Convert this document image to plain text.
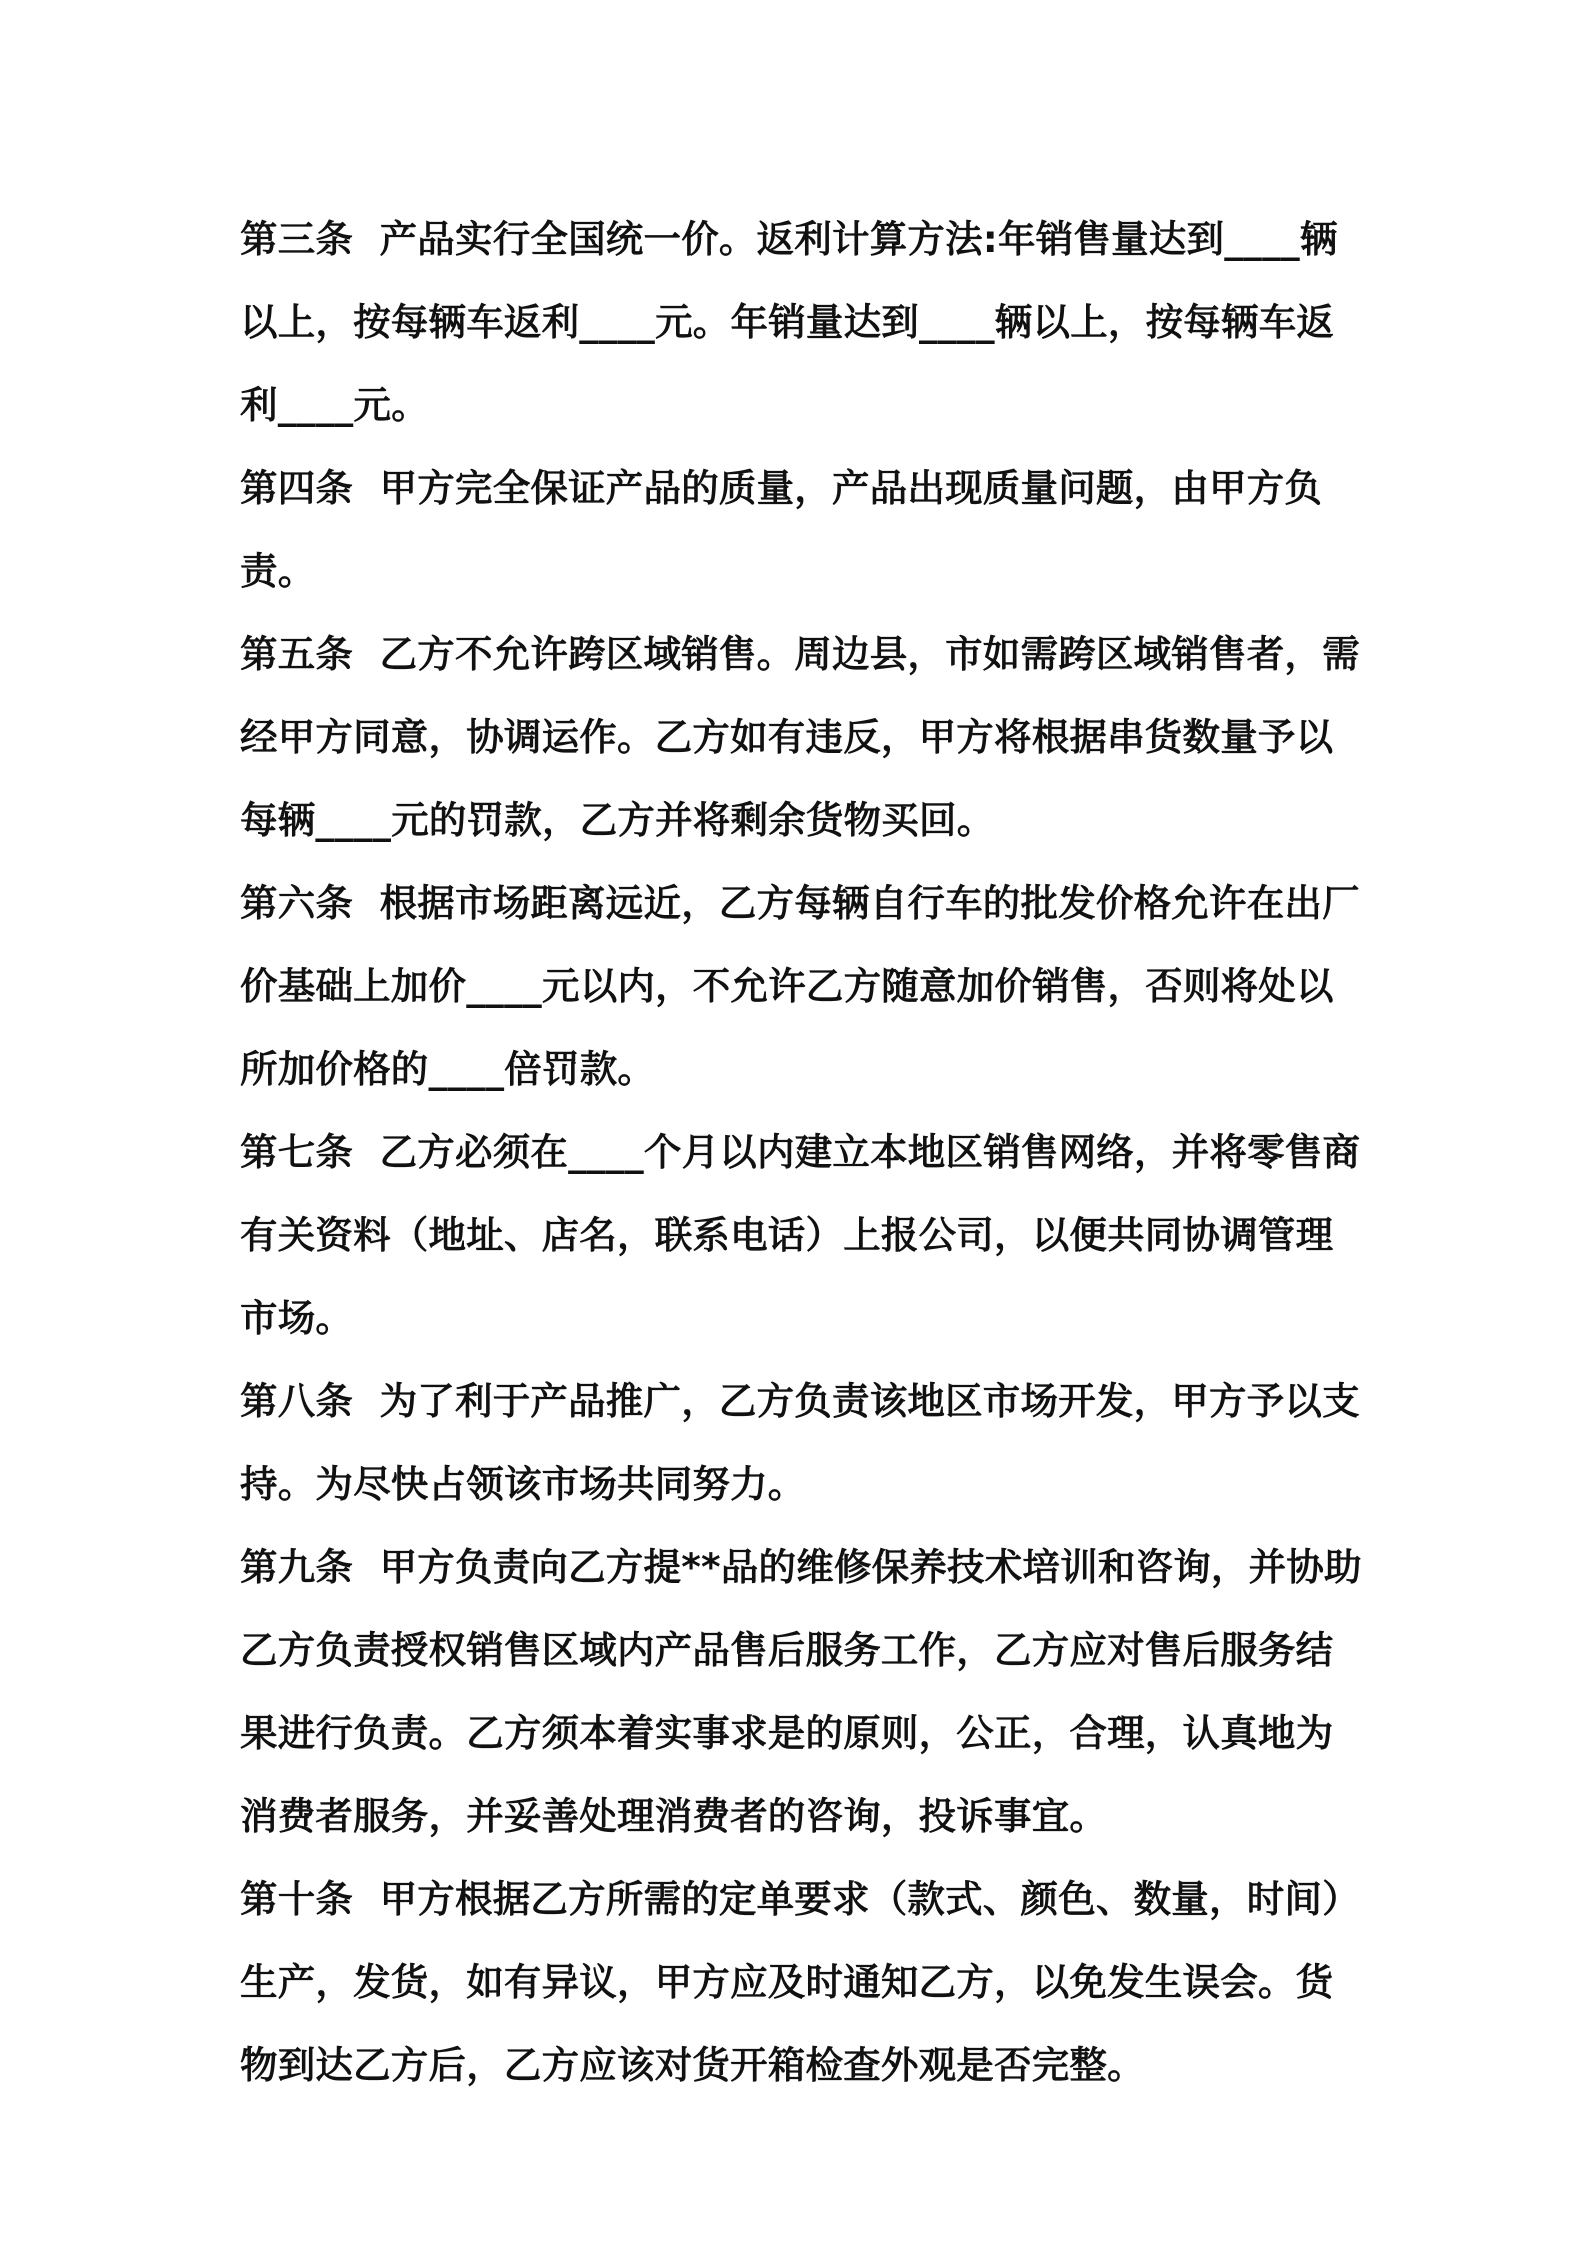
第三条  产品实行全国统一价。返利计算方法:年销售量达到____辆以上，按每辆车返利____元。年销量达到____辆以上，按每辆车返利____元。

第四条  甲方完全保证产品的质量，产品出现质量问题，由甲方负责。

第五条  乙方不允许跨区域销售。周边县，市如需跨区域销售者，需经甲方同意，协调运作。乙方如有违反，甲方将根据串货数量予以每辆____元的罚款，乙方并将剩余货物买回。

第六条  根据市场距离远近，乙方每辆自行车的批发价格允许在出厂价基础上加价____元以内，不允许乙方随意加价销售，否则将处以所加价格的____倍罚款。

第七条  乙方必须在____个月以内建立本地区销售网络，并将零售商有关资料（地址、店名，联系电话）上报公司，以便共同协调管理市场。

第八条  为了利于产品推广，乙方负责该地区市场开发，甲方予以支持。为尽快占领该市场共同努力。

第九条  甲方负责向乙方提**品的维修保养技术培训和咨询，并协助乙方负责授权销售区域内产品售后服务工作，乙方应对售后服务结果进行负责。乙方须本着实事求是的原则，公正，合理，认真地为消费者服务，并妥善处理消费者的咨询，投诉事宜。

第十条  甲方根据乙方所需的定单要求（款式、颜色、数量，时间）生产，发货，如有异议，甲方应及时通知乙方，以免发生误会。货物到达乙方后，乙方应该对货开箱检查外观是否完整。
